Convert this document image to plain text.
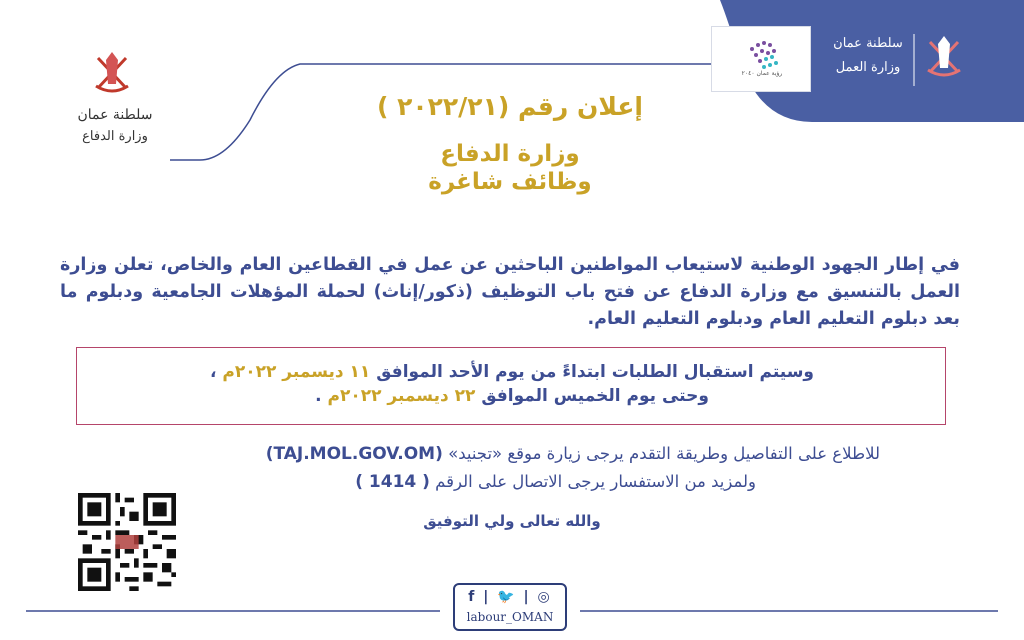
رؤية عمان ٢٠٤٠
سلطنة عمان
وزارة العمل
سلطنة عمان
وزارة الدفاع
إعلان رقم (٢٠٢٢/٢١ )
وزارة الدفاع
وظائف شاغرة
في إطار الجهود الوطنية لاستيعاب المواطنين الباحثين عن عمل في القطاعين العام والخاص، تعلن وزارة العمل بالتنسيق مع وزارة الدفاع عن فتح باب التوظيف (ذكور/إناث) لحملة المؤهلات الجامعية ودبلوم ما بعد دبلوم التعليم العام ودبلوم التعليم العام.
وسيتم استقبال الطلبات ابتداءً من يوم الأحد الموافق ١١ ديسمبر ٢٠٢٢م ،
وحتى يوم الخميس الموافق ٢٢ ديسمبر ٢٠٢٢م .
للاطلاع على التفاصيل وطريقة التقدم يرجى زيارة موقع «تجنيد» (TAJ.MOL.GOV.OM)
ولمزيد من الاستفسار يرجى الاتصال على الرقم ( 1414 )
والله تعالى ولي التوفيق
f | 🐦 | ◎
labour_OMAN
